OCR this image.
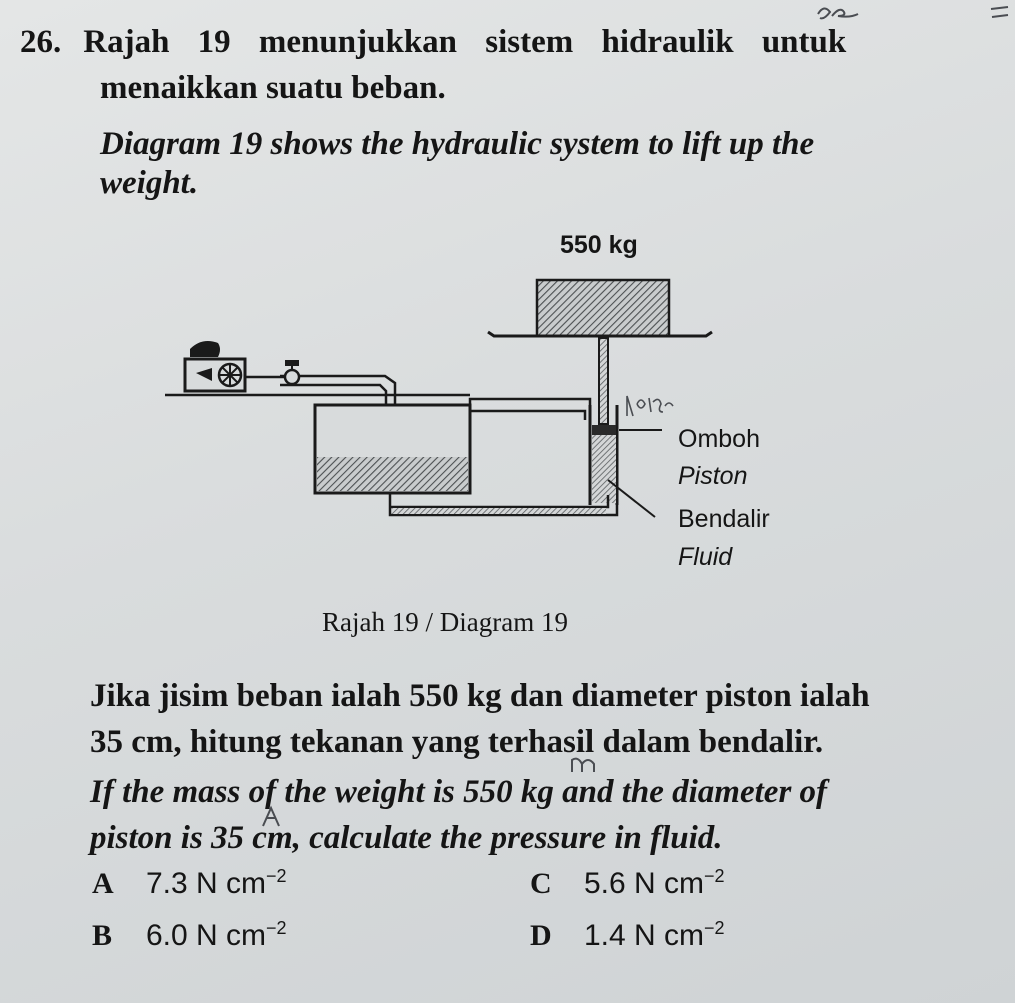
26. Rajah 19 menunjukkan sistem hidraulik untuk
menaikkan suatu beban.
Diagram 19 shows the hydraulic system to lift up the
weight.
550 kg
Omboh
Piston
Bendalir
Fluid
Rajah 19 / Diagram 19
Jika jisim beban ialah 550 kg dan diameter piston ialah
35 cm, hitung tekanan yang terhasil dalam bendalir.
If the mass of the weight is 550 kg and the diameter of
piston is 35 cm, calculate the pressure in fluid.
A 7.3 N $cm^{-2}$
B 6.0 N $cm^{-2}$
C 5.6 N $cm^{-2}$
D 1.4 N $cm^{-2}$
